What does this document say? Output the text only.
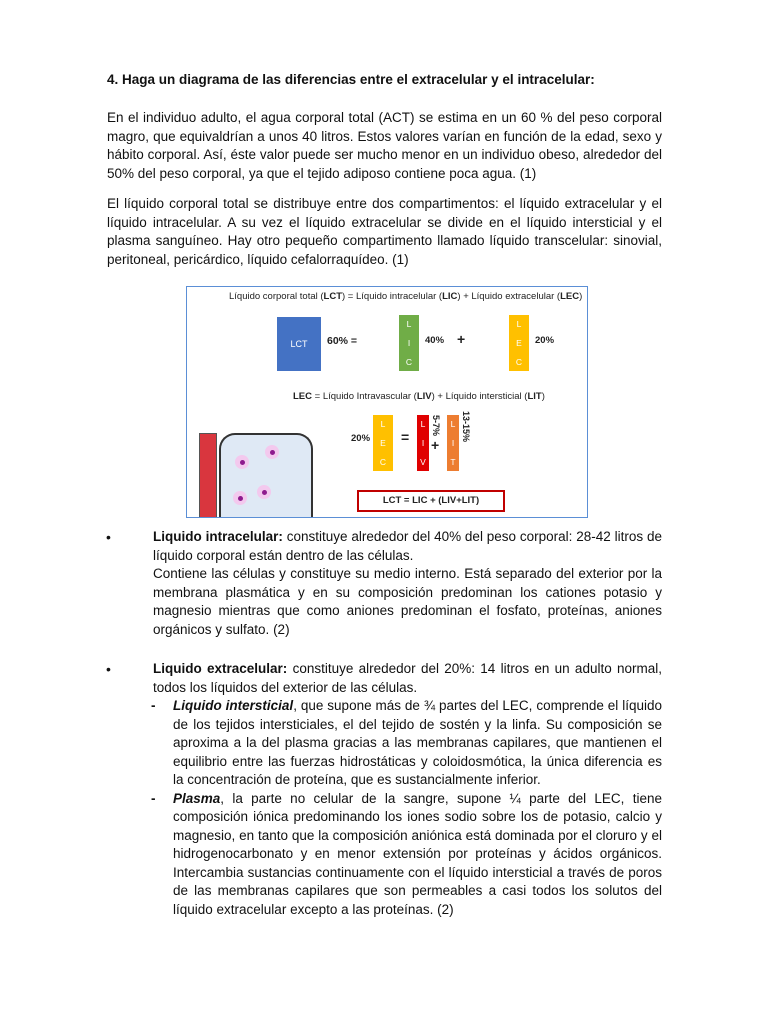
4. Haga un diagrama de las diferencias entre el extracelular y el intracelular:

En el individuo adulto, el agua corporal total (ACT) se estima en un 60 % del peso corporal magro, que equivaldrían a unos 40 litros. Estos valores varían en función de la edad, sexo y hábito corporal. Así, éste valor puede ser mucho menor en un individuo obeso, alrededor del 50% del peso corporal, ya que el tejido adiposo contiene poca agua. (1)

El líquido corporal total se distribuye entre dos compartimentos: el líquido extracelular y el líquido intracelular. A su vez el líquido extracelular se divide en el líquido intersticial y el plasma sanguíneo. Hay otro pequeño compartimento llamado líquido transcelular: sinovial, peritoneal, pericárdico, líquido cefalorraquídeo. (1)

Líquido corporal total (LCT) = Líquido intracelular (LIC) + Líquido extracelular (LEC)
LCT	60% =
L
I
C
40% +
L
E
C
20%
LEC = Líquido Intravascular (LIV) + Líquido intersticial (LIT)
20%
L
E
C
=
L
I
V
5-7%
+
L
I
T
13-15%
LCT = LIC + (LIV+LIT)
•	Liquido intracelular: constituye alrededor del 40% del peso corporal: 28-42 litros de líquido corporal están dentro de las células.
Contiene las células y constituye su medio interno. Está separado del exterior por la membrana plasmática y en su composición predominan los cationes potasio y magnesio mientras que como aniones predominan el fosfato, proteínas, aniones orgánicos y sulfato. (2)
•	Liquido extracelular: constituye alrededor del 20%: 14 litros en un adulto normal, todos los líquidos del exterior de las células.
- Liquido intersticial, que supone más de ¾ partes del LEC, comprende el líquido de los tejidos intersticiales, el del tejido de sostén y la linfa. Su composición se aproxima a la del plasma gracias a las membranas capilares, que mantienen el equilibrio entre las fuerzas hidrostáticas y coloidosmótica, la única diferencia es la concentración de proteína, que es sustancialmente inferior.
- Plasma, la parte no celular de la sangre, supone ¼ parte del LEC, tiene composición iónica predominando los iones sodio sobre los de potasio, calcio y magnesio, en tanto que la composición aniónica está dominada por el cloruro y el hidrogenocarbonato y en menor extensión por proteínas y ácidos orgánicos. Intercambia sustancias continuamente con el líquido intersticial a través de poros de las membranas capilares que son permeables a casi todos los solutos del líquido extracelular excepto a las proteínas. (2)
